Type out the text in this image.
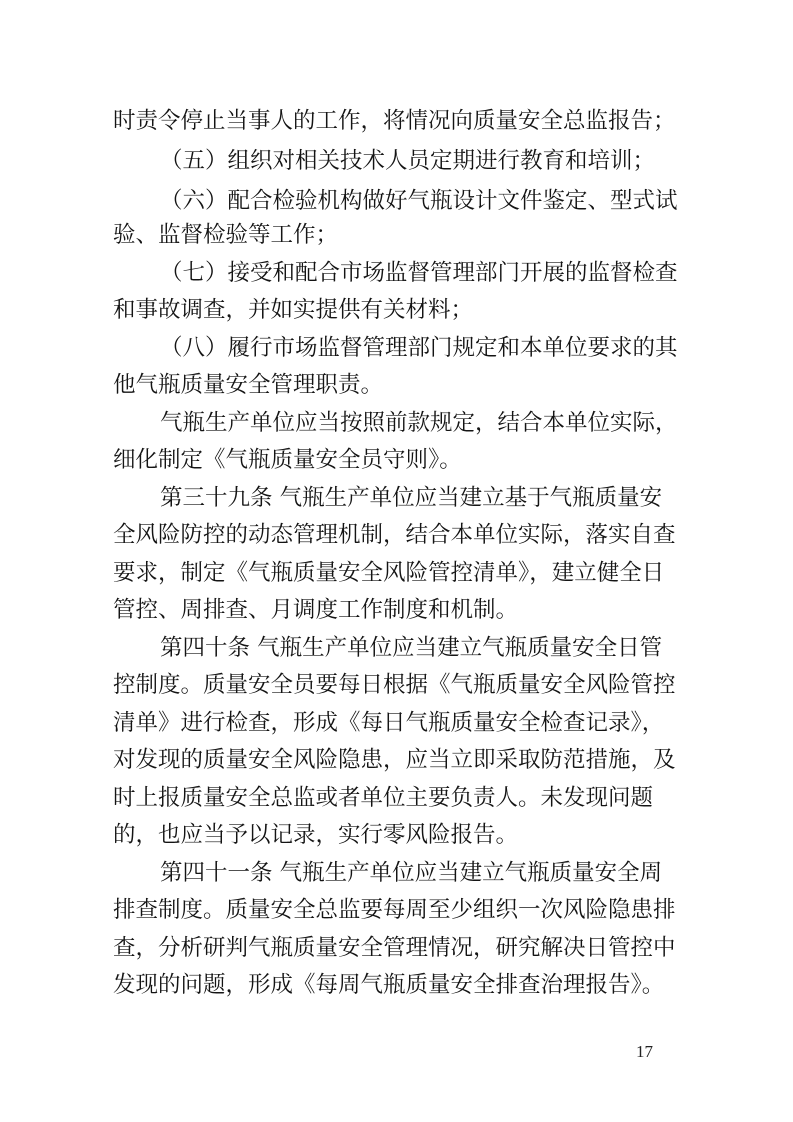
时责令停止当事人的工作，将情况向质量安全总监报告；
（五）组织对相关技术人员定期进行教育和培训；
（六）配合检验机构做好气瓶设计文件鉴定、型式试
验、监督检验等工作；
（七）接受和配合市场监督管理部门开展的监督检查
和事故调查，并如实提供有关材料；
（八）履行市场监督管理部门规定和本单位要求的其
他气瓶质量安全管理职责。
气瓶生产单位应当按照前款规定，结合本单位实际，
细化制定《气瓶质量安全员守则》。
第三十九条 气瓶生产单位应当建立基于气瓶质量安
全风险防控的动态管理机制，结合本单位实际，落实自查
要求，制定《气瓶质量安全风险管控清单》，建立健全日
管控、周排查、月调度工作制度和机制。
第四十条 气瓶生产单位应当建立气瓶质量安全日管
控制度。质量安全员要每日根据《气瓶质量安全风险管控
清单》进行检查，形成《每日气瓶质量安全检查记录》，
对发现的质量安全风险隐患，应当立即采取防范措施，及
时上报质量安全总监或者单位主要负责人。未发现问题
的，也应当予以记录，实行零风险报告。
第四十一条 气瓶生产单位应当建立气瓶质量安全周
排查制度。质量安全总监要每周至少组织一次风险隐患排
查，分析研判气瓶质量安全管理情况，研究解决日管控中
发现的问题，形成《每周气瓶质量安全排查治理报告》。
17
